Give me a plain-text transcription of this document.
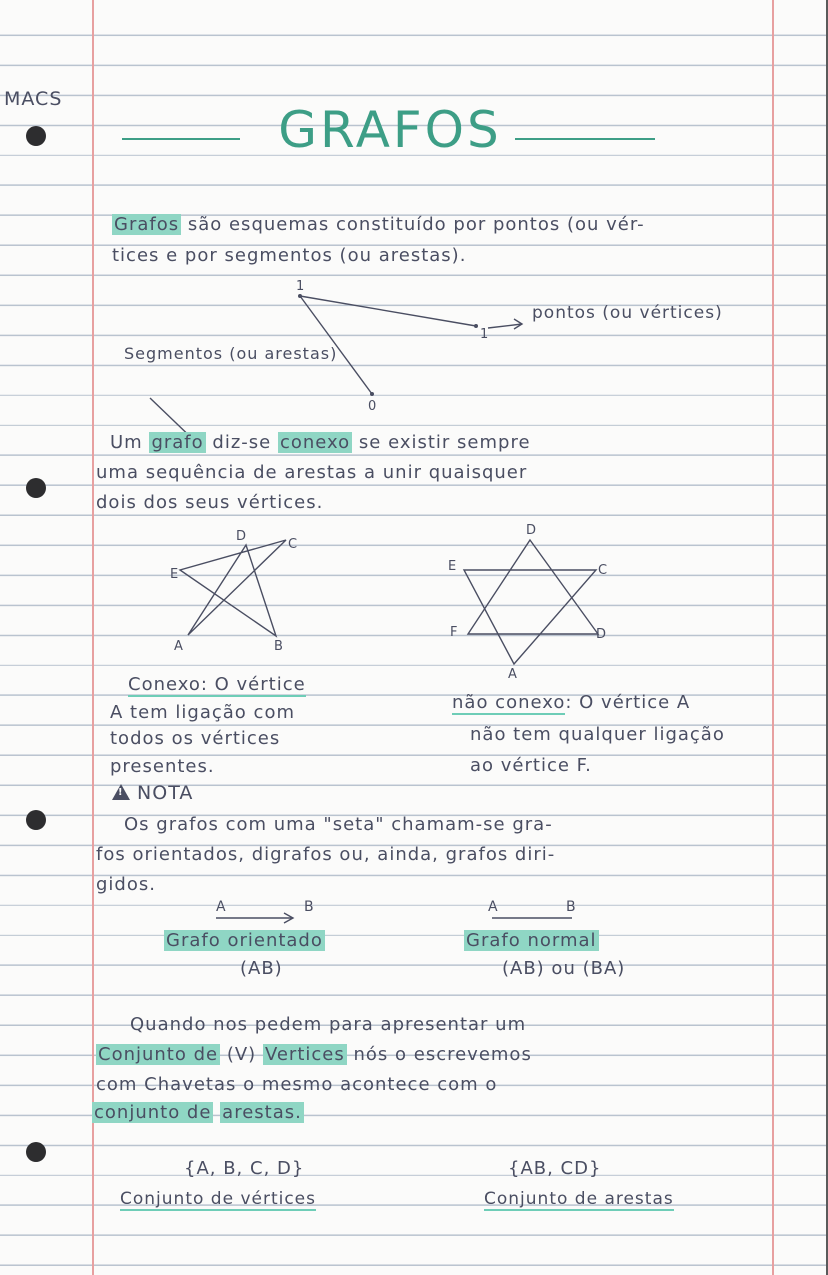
MACS
GRAFOS
Grafos são esquemas constituído por pontos (ou vér-
tices e por segmentos (ou arestas).
1
1
0
A	B
C
D
E
D
C
D
E
F
A
A	B	A	B
pontos (ou vértices)
Segmentos (ou arestas)
Um grafo diz-se conexo se existir sempre
uma sequência de arestas a unir quaisquer
dois dos seus vértices.
Conexo: O vértice
A tem ligação com
todos os vértices
presentes.
não conexo: O vértice A
não tem qualquer ligação
ao vértice F.
! NOTA
Os grafos com uma "seta" chamam-se gra-
fos orientados, digrafos ou, ainda, grafos diri-
gidos.
Grafo orientado
(AB)
Grafo normal
(AB) ou (BA)
Quando nos pedem para apresentar um
Conjunto de (V) Vertices nós o escrevemos
com Chavetas o mesmo acontece com o
conjunto de arestas.
{A, B, C, D}
Conjunto de vértices
{AB, CD}
Conjunto de arestas
